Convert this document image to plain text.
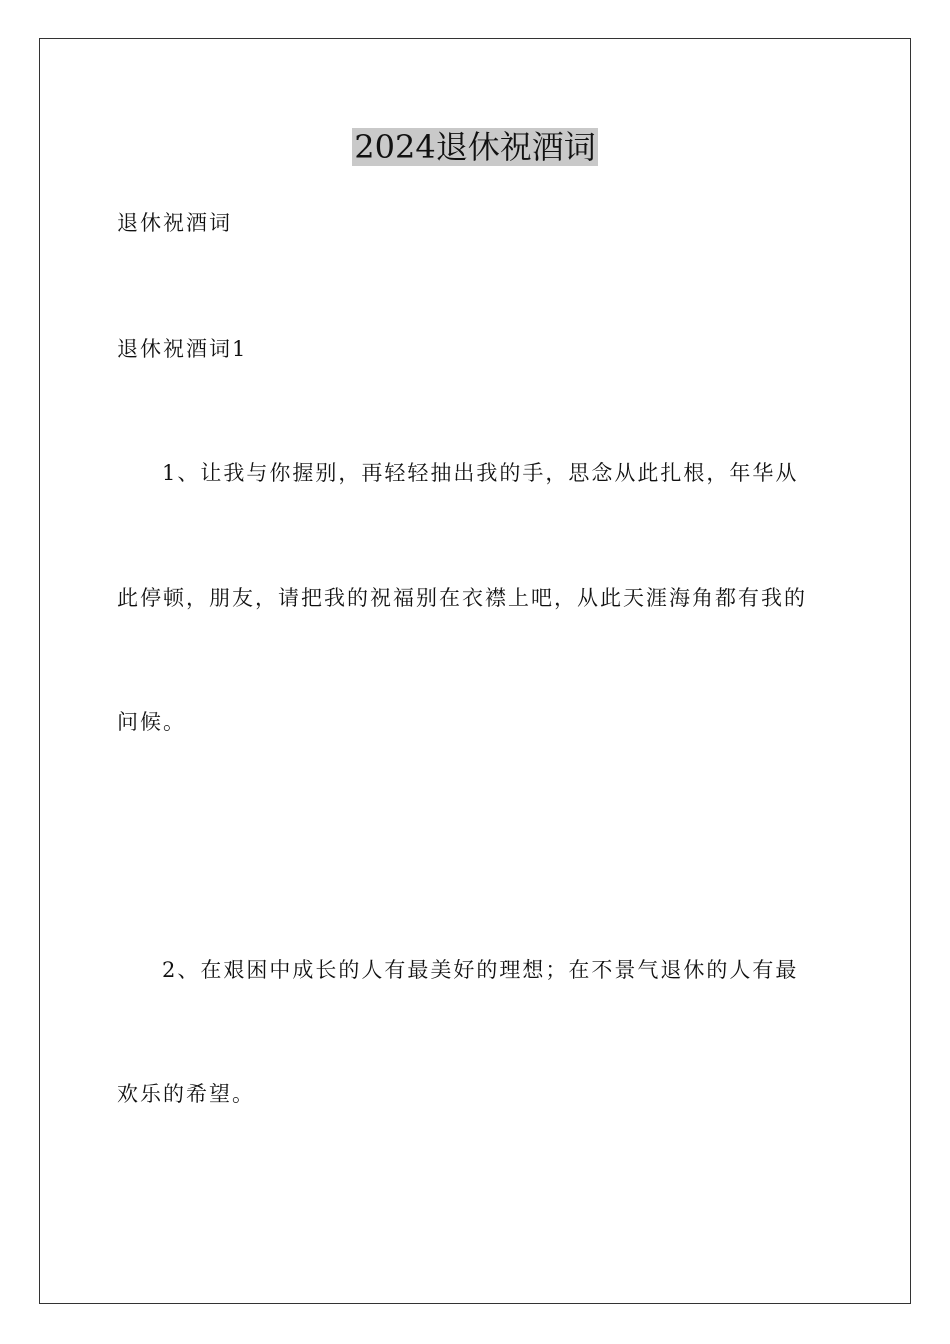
2024退休祝酒词
退休祝酒词
退休祝酒词1
1、让我与你握别，再轻轻抽出我的手，思念从此扎根，年华从
此停顿，朋友，请把我的祝福别在衣襟上吧，从此天涯海角都有我的
问候。
2、在艰困中成长的人有最美好的理想；在不景气退休的人有最
欢乐的希望。
